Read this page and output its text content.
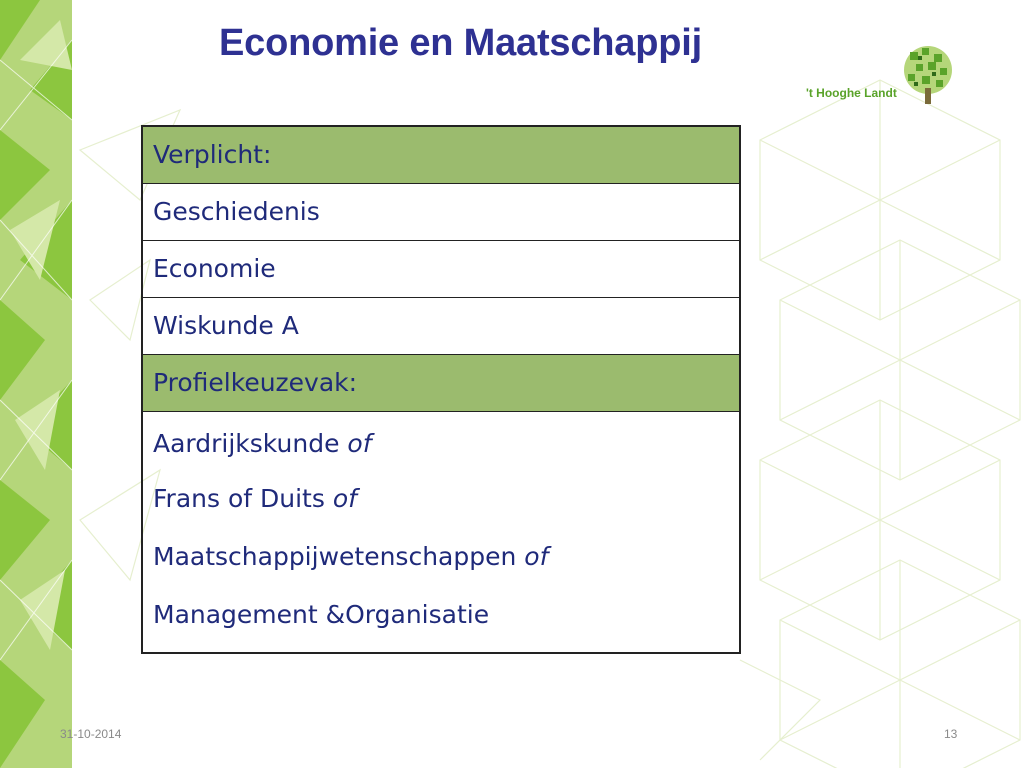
Economie en Maatschappij

't Hooghe Landt

Verplicht:
Geschiedenis
Economie
Wiskunde A
Profielkeuzevak:

Aardrijkskunde of
Frans of Duits of
Maatschappijwetenschappen of
Management &Organisatie

31-10-2014	13
